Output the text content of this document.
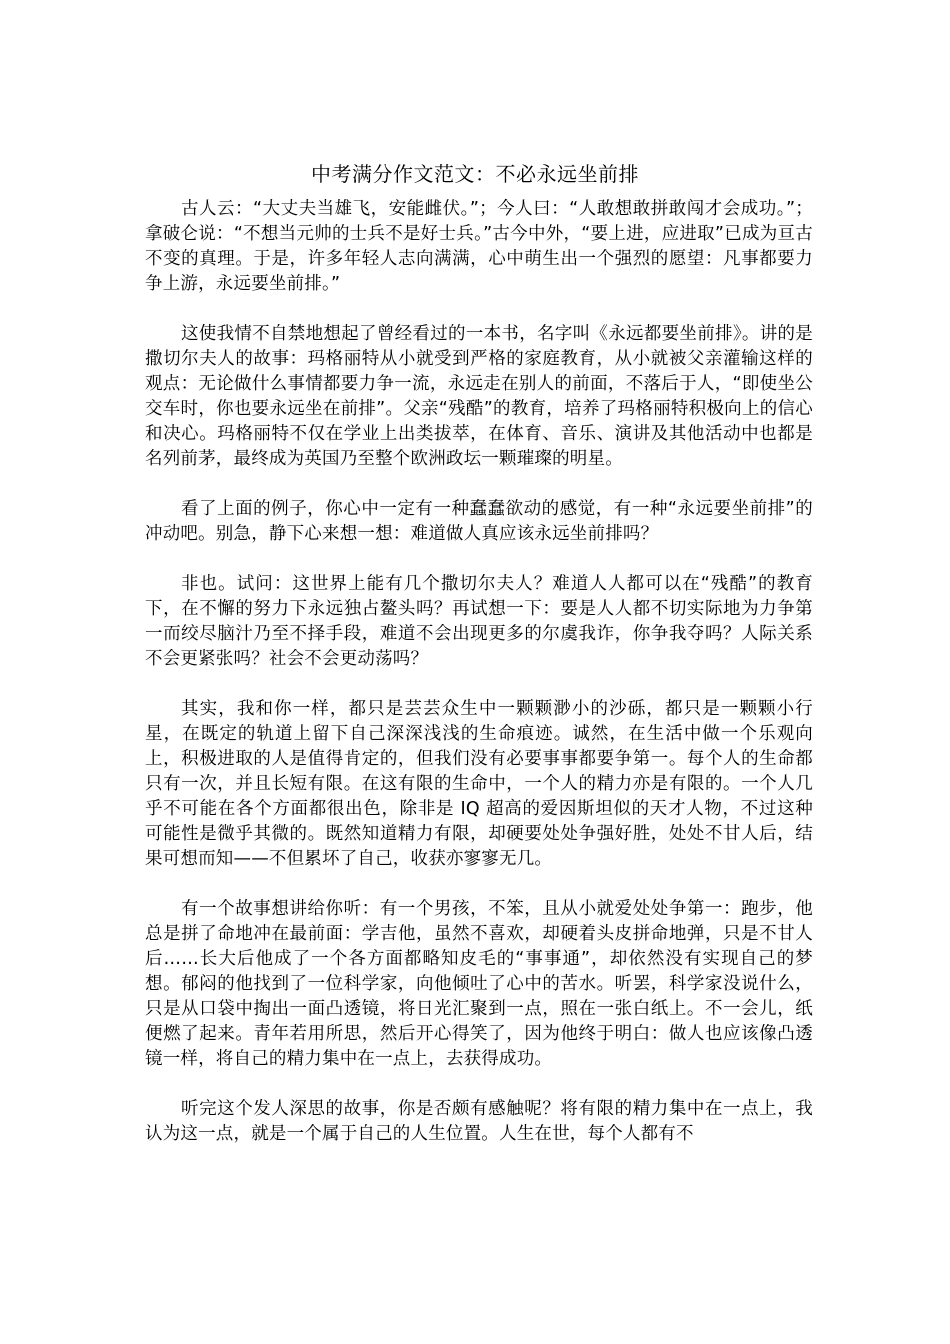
中考满分作文范文：不必永远坐前排

古人云：“大丈夫当雄飞，安能雌伏。”；今人曰：“人敢想敢拼敢闯才会成功。”；拿破仑说：“不想当元帅的士兵不是好士兵。”古今中外，“要上进，应进取”已成为亘古不变的真理。于是，许多年轻人志向满满，心中萌生出一个强烈的愿望：凡事都要力争上游，永远要坐前排。”

这使我情不自禁地想起了曾经看过的一本书，名字叫《永远都要坐前排》。讲的是撒切尔夫人的故事：玛格丽特从小就受到严格的家庭教育，从小就被父亲灌输这样的观点：无论做什么事情都要力争一流，永远走在别人的前面，不落后于人，“即使坐公交车时，你也要永远坐在前排”。父亲“残酷”的教育，培养了玛格丽特积极向上的信心和决心。玛格丽特不仅在学业上出类拔萃，在体育、音乐、演讲及其他活动中也都是名列前茅，最终成为英国乃至整个欧洲政坛一颗璀璨的明星。

看了上面的例子，你心中一定有一种蠢蠢欲动的感觉，有一种“永远要坐前排”的冲动吧。别急，静下心来想一想：难道做人真应该永远坐前排吗？

非也。试问：这世界上能有几个撒切尔夫人？难道人人都可以在“残酷”的教育下，在不懈的努力下永远独占鳌头吗？再试想一下：要是人人都不切实际地为力争第一而绞尽脑汁乃至不择手段，难道不会出现更多的尔虞我诈，你争我夺吗？人际关系不会更紧张吗？社会不会更动荡吗？

其实，我和你一样，都只是芸芸众生中一颗颗渺小的沙砾，都只是一颗颗小行星，在既定的轨道上留下自己深深浅浅的生命痕迹。诚然，在生活中做一个乐观向上，积极进取的人是值得肯定的，但我们没有必要事事都要争第一。每个人的生命都只有一次，并且长短有限。在这有限的生命中，一个人的精力亦是有限的。一个人几乎不可能在各个方面都很出色，除非是 IQ 超高的爱因斯坦似的天才人物，不过这种可能性是微乎其微的。既然知道精力有限，却硬要处处争强好胜，处处不甘人后，结果可想而知——不但累坏了自己，收获亦寥寥无几。

有一个故事想讲给你听：有一个男孩，不笨，且从小就爱处处争第一：跑步，他总是拼了命地冲在最前面：学吉他，虽然不喜欢，却硬着头皮拼命地弹，只是不甘人后……长大后他成了一个各方面都略知皮毛的“事事通”，却依然没有实现自己的梦想。郁闷的他找到了一位科学家，向他倾吐了心中的苦水。听罢，科学家没说什么，只是从口袋中掏出一面凸透镜，将日光汇聚到一点，照在一张白纸上。不一会儿，纸便燃了起来。青年若用所思，然后开心得笑了，因为他终于明白：做人也应该像凸透镜一样，将自己的精力集中在一点上，去获得成功。

听完这个发人深思的故事，你是否颇有感触呢？将有限的精力集中在一点上，我认为这一点，就是一个属于自己的人生位置。人生在世，每个人都有不
